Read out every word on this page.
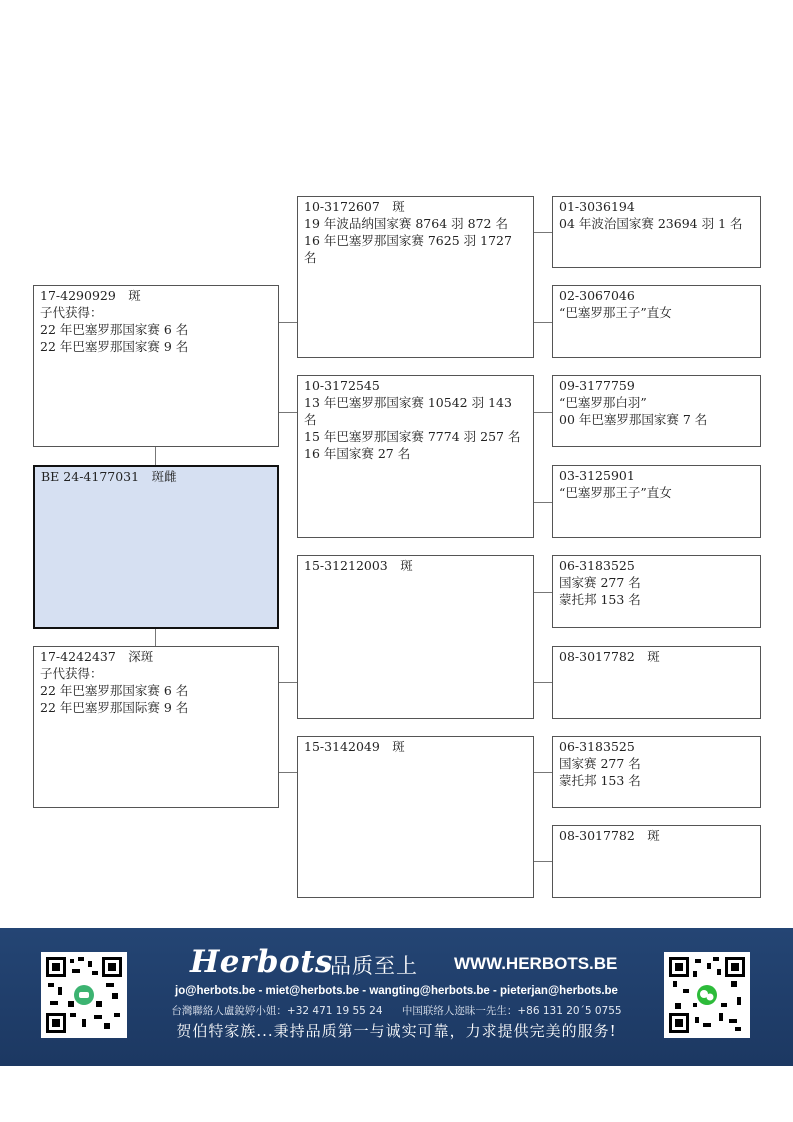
17-4290929　斑
子代获得：
22 年巴塞罗那国家赛 6 名
22 年巴塞罗那国家赛 9 名
BE 24-4177031　斑雌
17-4242437　深斑
子代获得：
22 年巴塞罗那国家赛 6 名
22 年巴塞罗那国际赛 9 名
10-3172607　斑
19 年波品纳国家赛 8764 羽 872 名
16 年巴塞罗那国家赛 7625 羽 1727 名
10-3172545
13 年巴塞罗那国家赛 10542 羽 143 名
15 年巴塞罗那国家赛 7774 羽 257 名
16 年国家赛 27 名
15-31212003　斑
15-3142049　斑
01-3036194
04 年波治国家赛 23694 羽 1 名
02-3067046
“巴塞罗那王子”直女
09-3177759
“巴塞罗那白羽”
00 年巴塞罗那国家赛 7 名
03-3125901
“巴塞罗那王子”直女
06-3183525
国家赛 277 名
蒙托邦 153 名
08-3017782　斑
06-3183525
国家赛 277 名
蒙托邦 153 名
08-3017782　斑
Herbots
品质至上 WWW.HERBOTS.BE
jo@herbots.be - miet@herbots.be - wangting@herbots.be - pieterjan@herbots.be
台灣聯絡人盧銳婷小姐：+32 471 19 55 24 中国联络人迩昧一先生：+86 131 20´5 0755
贺伯特家族...秉持品质第一与诚实可靠，力求提供完美的服务!
